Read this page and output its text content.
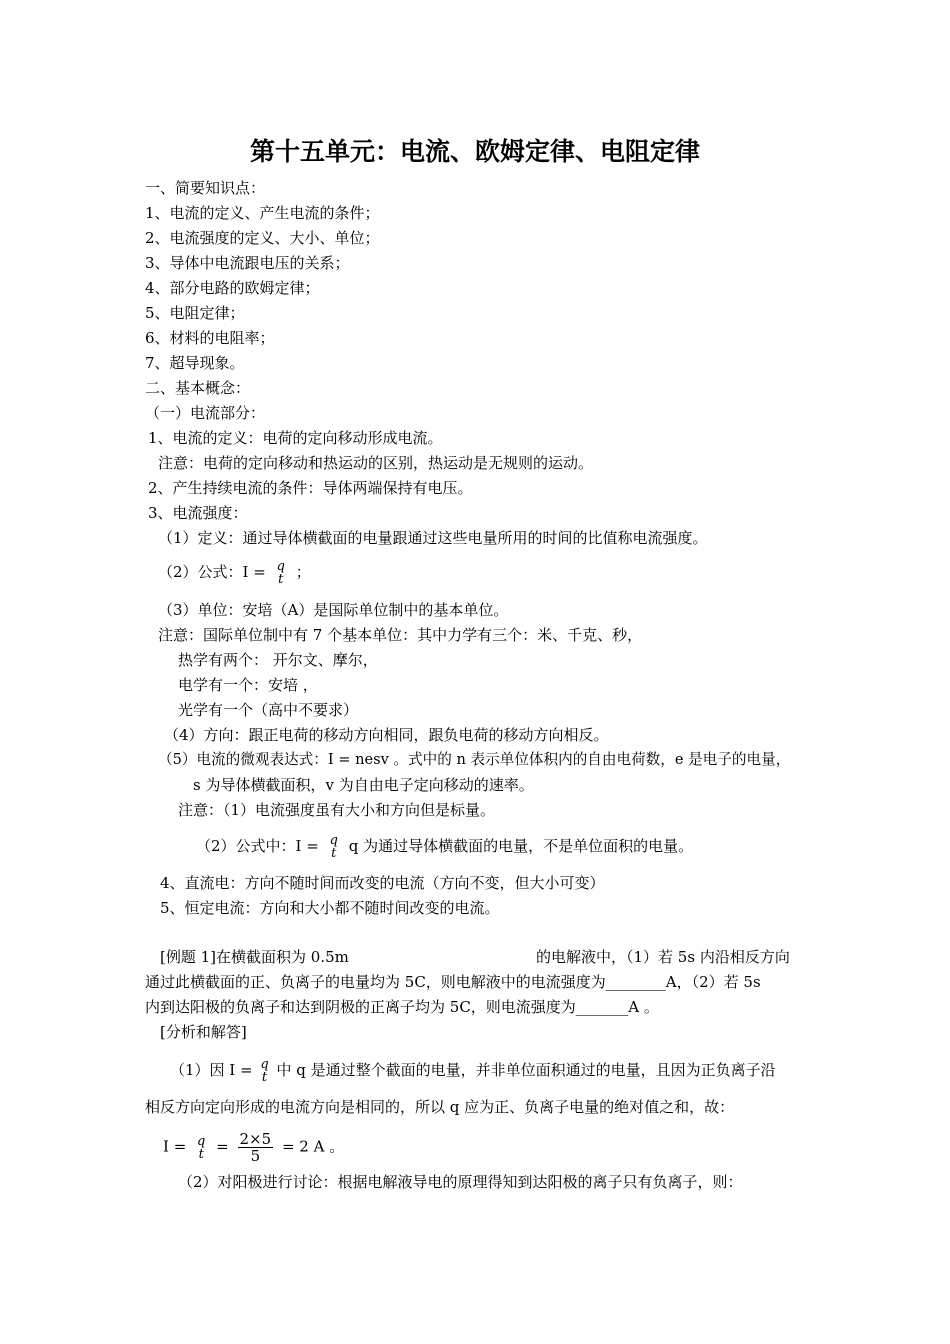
第十五单元：电流、欧姆定律、电阻定律
一、简要知识点：
1、电流的定义、产生电流的条件；
2、电流强度的定义、大小、单位；
3、导体中电流跟电压的关系；
4、部分电路的欧姆定律；
5、电阻定律；
6、材料的电阻率；
7、超导现象。
二、基本概念：
（一）电流部分：
1、电流的定义：电荷的定向移动形成电流。
注意：电荷的定向移动和热运动的区别，热运动是无规则的运动。
2、产生持续电流的条件：导体两端保持有电压。
3、电流强度：
（1）定义：通过导体横截面的电量跟通过这些电量所用的时间的比值称电流强度。
（2）公式：I = q
t ；
（3）单位：安培（A）是国际单位制中的基本单位。
注意：国际单位制中有 7 个基本单位：其中力学有三个：米、千克、秒，
热学有两个： 开尔文、摩尔，
电学有一个：安培 ，
光学有一个（高中不要求）
（4）方向：跟正电荷的移动方向相同，跟负电荷的移动方向相反。
（5）电流的微观表达式：I = nesv 。式中的 n 表示单位体积内的自由电荷数，e 是电子的电量，
s 为导体横截面积，v 为自由电子定向移动的速率。
注意：（1）电流强度虽有大小和方向但是标量。
（2）公式中：I = q
t q 为通过导体横截面的电量，不是单位面积的电量。
4、直流电：方向不随时间而改变的电流（方向不变，但大小可变）
5、恒定电流：方向和大小都不随时间改变的电流。
[例题 1]在横截面积为 0.5m	的电解液中，（1）若 5s 内沿相反方向
通过此横截面的正、负离子的电量均为 5C，则电解液中的电流强度为________A，（2）若 5s
内到达阳极的负离子和达到阴极的正离子均为 5C，则电流强度为_______A 。
[分析和解答]
（1）因 I = q
t 中 q 是通过整个截面的电量，并非单位面积通过的电量，且因为正负离子沿
相反方向定向形成的电流方向是相同的，所以 q 应为正、负离子电量的绝对值之和，故：
I = q
$t = \frac{2\times 5}{5} = 2$ A 。
（2）对阳极进行讨论：根据电解液导电的原理得知到达阳极的离子只有负离子，则：
